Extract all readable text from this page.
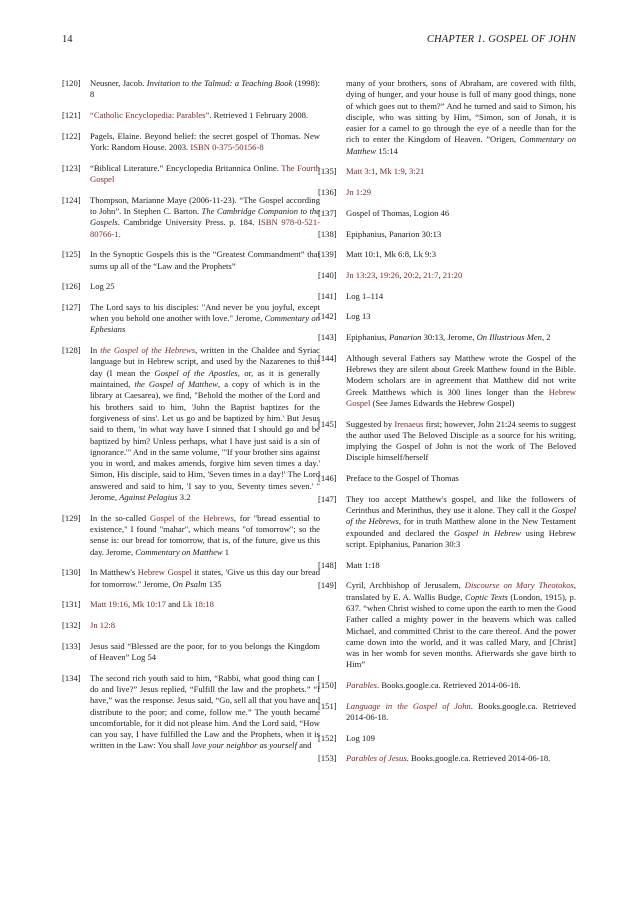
14	CHAPTER 1. GOSPEL OF JOHN
[120] Neusner, Jacob. Invitation to the Talmud: a Teaching Book (1998): 8
[121] “Catholic Encyclopedia: Parables”. Retrieved 1 February 2008.
[122] Pagels, Elaine. Beyond belief: the secret gospel of Thomas. New York: Random House. 2003. ISBN 0-375-50156-8
[123] “Biblical Literature.” Encyclopedia Britannica Online. The Fourth Gospel
[124] Thompson, Marianne Maye (2006-11-23). “The Gospel according to John”. In Stephen C. Barton. The Cambridge Companion to the Gospels. Cambridge University Press. p. 184. ISBN 978-0-521-80766-1.
[125] In the Synoptic Gospels this is the “Greatest Commandment” that sums up all of the “Law and the Prophets”
[126] Log 25
[127] The Lord says to his disciples: "And never be you joyful, except when you behold one another with love." Jerome, Commentary on Ephesians
[128] In the Gospel of the Hebrews, written in the Chaldee and Syriac language but in Hebrew script, and used by the Nazarenes to this day (I mean the Gospel of the Apostles, or, as it is generally maintained, the Gospel of Matthew, a copy of which is in the library at Caesarea), we find, "Behold the mother of the Lord and his brothers said to him, 'John the Baptist baptizes for the forgiveness of sins'. Let us go and be baptized by him.' But Jesus said to them, 'in what way have I sinned that I should go and be baptized by him? Unless perhaps, what I have just said is a sin of ignorance.'" And in the same volume, "'If your brother sins against you in word, and makes amends, forgive him seven times a day.' Simon, His disciple, said to Him, 'Seven times in a day!' The Lord answered and said to him, 'I say to you, Seventy times seven.' " Jerome, Against Pelagius 3.2
[129] In the so-called Gospel of the Hebrews, for "bread essential to existence," I found "mahar", which means "of tomorrow"; so the sense is: our bread for tomorrow, that is, of the future, give us this day. Jerome, Commentary on Matthew 1
[130] In Matthew's Hebrew Gospel it states, 'Give us this day our bread for tomorrow." Jerome, On Psalm 135
[131] Matt 19:16, Mk 10:17 and Lk 18:18
[132] Jn 12:8
[133] Jesus said “Blessed are the poor, for to you belongs the Kingdom of Heaven” Log 54
[134] The second rich youth said to him, “Rabbi, what good thing can I do and live?” Jesus replied, “Fulfill the law and the prophets.” “I have,” was the response. Jesus said, “Go, sell all that you have and distribute to the poor; and come, follow me.” The youth became uncomfortable, for it did not please him. And the Lord said, “How can you say, I have fulfilled the Law and the Prophets, when it is written in the Law: You shall love your neighbor as yourself and
many of your brothers, sons of Abraham, are covered with filth, dying of hunger, and your house is full of many good things, none of which goes out to them?” And he turned and said to Simon, his disciple, who was sitting by Him, “Simon, son of Jonah, it is easier for a camel to go through the eye of a needle than for the rich to enter the Kingdom of Heaven. ”Origen, Commentary on Matthew 15:14
[135] Matt 3:1, Mk 1:9, 3:21
[136] Jn 1:29
[137] Gospel of Thomas, Logion 46
[138] Epiphanius, Panarion 30:13
[139] Matt 10:1, Mk 6:8, Lk 9:3
[140] Jn 13:23, 19:26, 20:2, 21:7, 21:20
[141] Log 1–114
[142] Log 13
[143] Epiphanius, Panarion 30:13, Jerome, On Illustrious Men, 2
[144] Although several Fathers say Matthew wrote the Gospel of the Hebrews they are silent about Greek Matthew found in the Bible. Modern scholars are in agreement that Matthew did not write Greek Matthews which is 300 lines longer than the Hebrew Gospel (See James Edwards the Hebrew Gospel)
[145] Suggested by Irenaeus first; however, John 21:24 seems to suggest the author used The Beloved Disciple as a source for his writing, implying the Gospel of John is not the work of The Beloved Disciple himself/herself
[146] Preface to the Gospel of Thomas
[147] They too accept Matthew's gospel, and like the followers of Cerinthus and Merinthus, they use it alone. They call it the Gospel of the Hebrews, for in truth Matthew alone in the New Testament expounded and declared the Gospel in Hebrew using Hebrew script. Epiphanius, Panarion 30:3
[148] Matt 1:18
[149] Cyril, Archbishop of Jerusalem, Discourse on Mary Theotokos, translated by E. A. Wallis Budge, Coptic Texts (London, 1915), p. 637. “when Christ wished to come upon the earth to men the Good Father called a mighty power in the heavens which was called Michael, and committed Christ to the care thereof. And the power came down into the world, and it was called Mary, and [Christ] was in her womb for seven months. Afterwards she gave birth to Him”
[150] Parables. Books.google.ca. Retrieved 2014-06-18.
[151] Language in the Gospel of John. Books.google.ca. Retrieved 2014-06-18.
[152] Log 109
[153] Parables of Jesus. Books.google.ca. Retrieved 2014-06-18.
